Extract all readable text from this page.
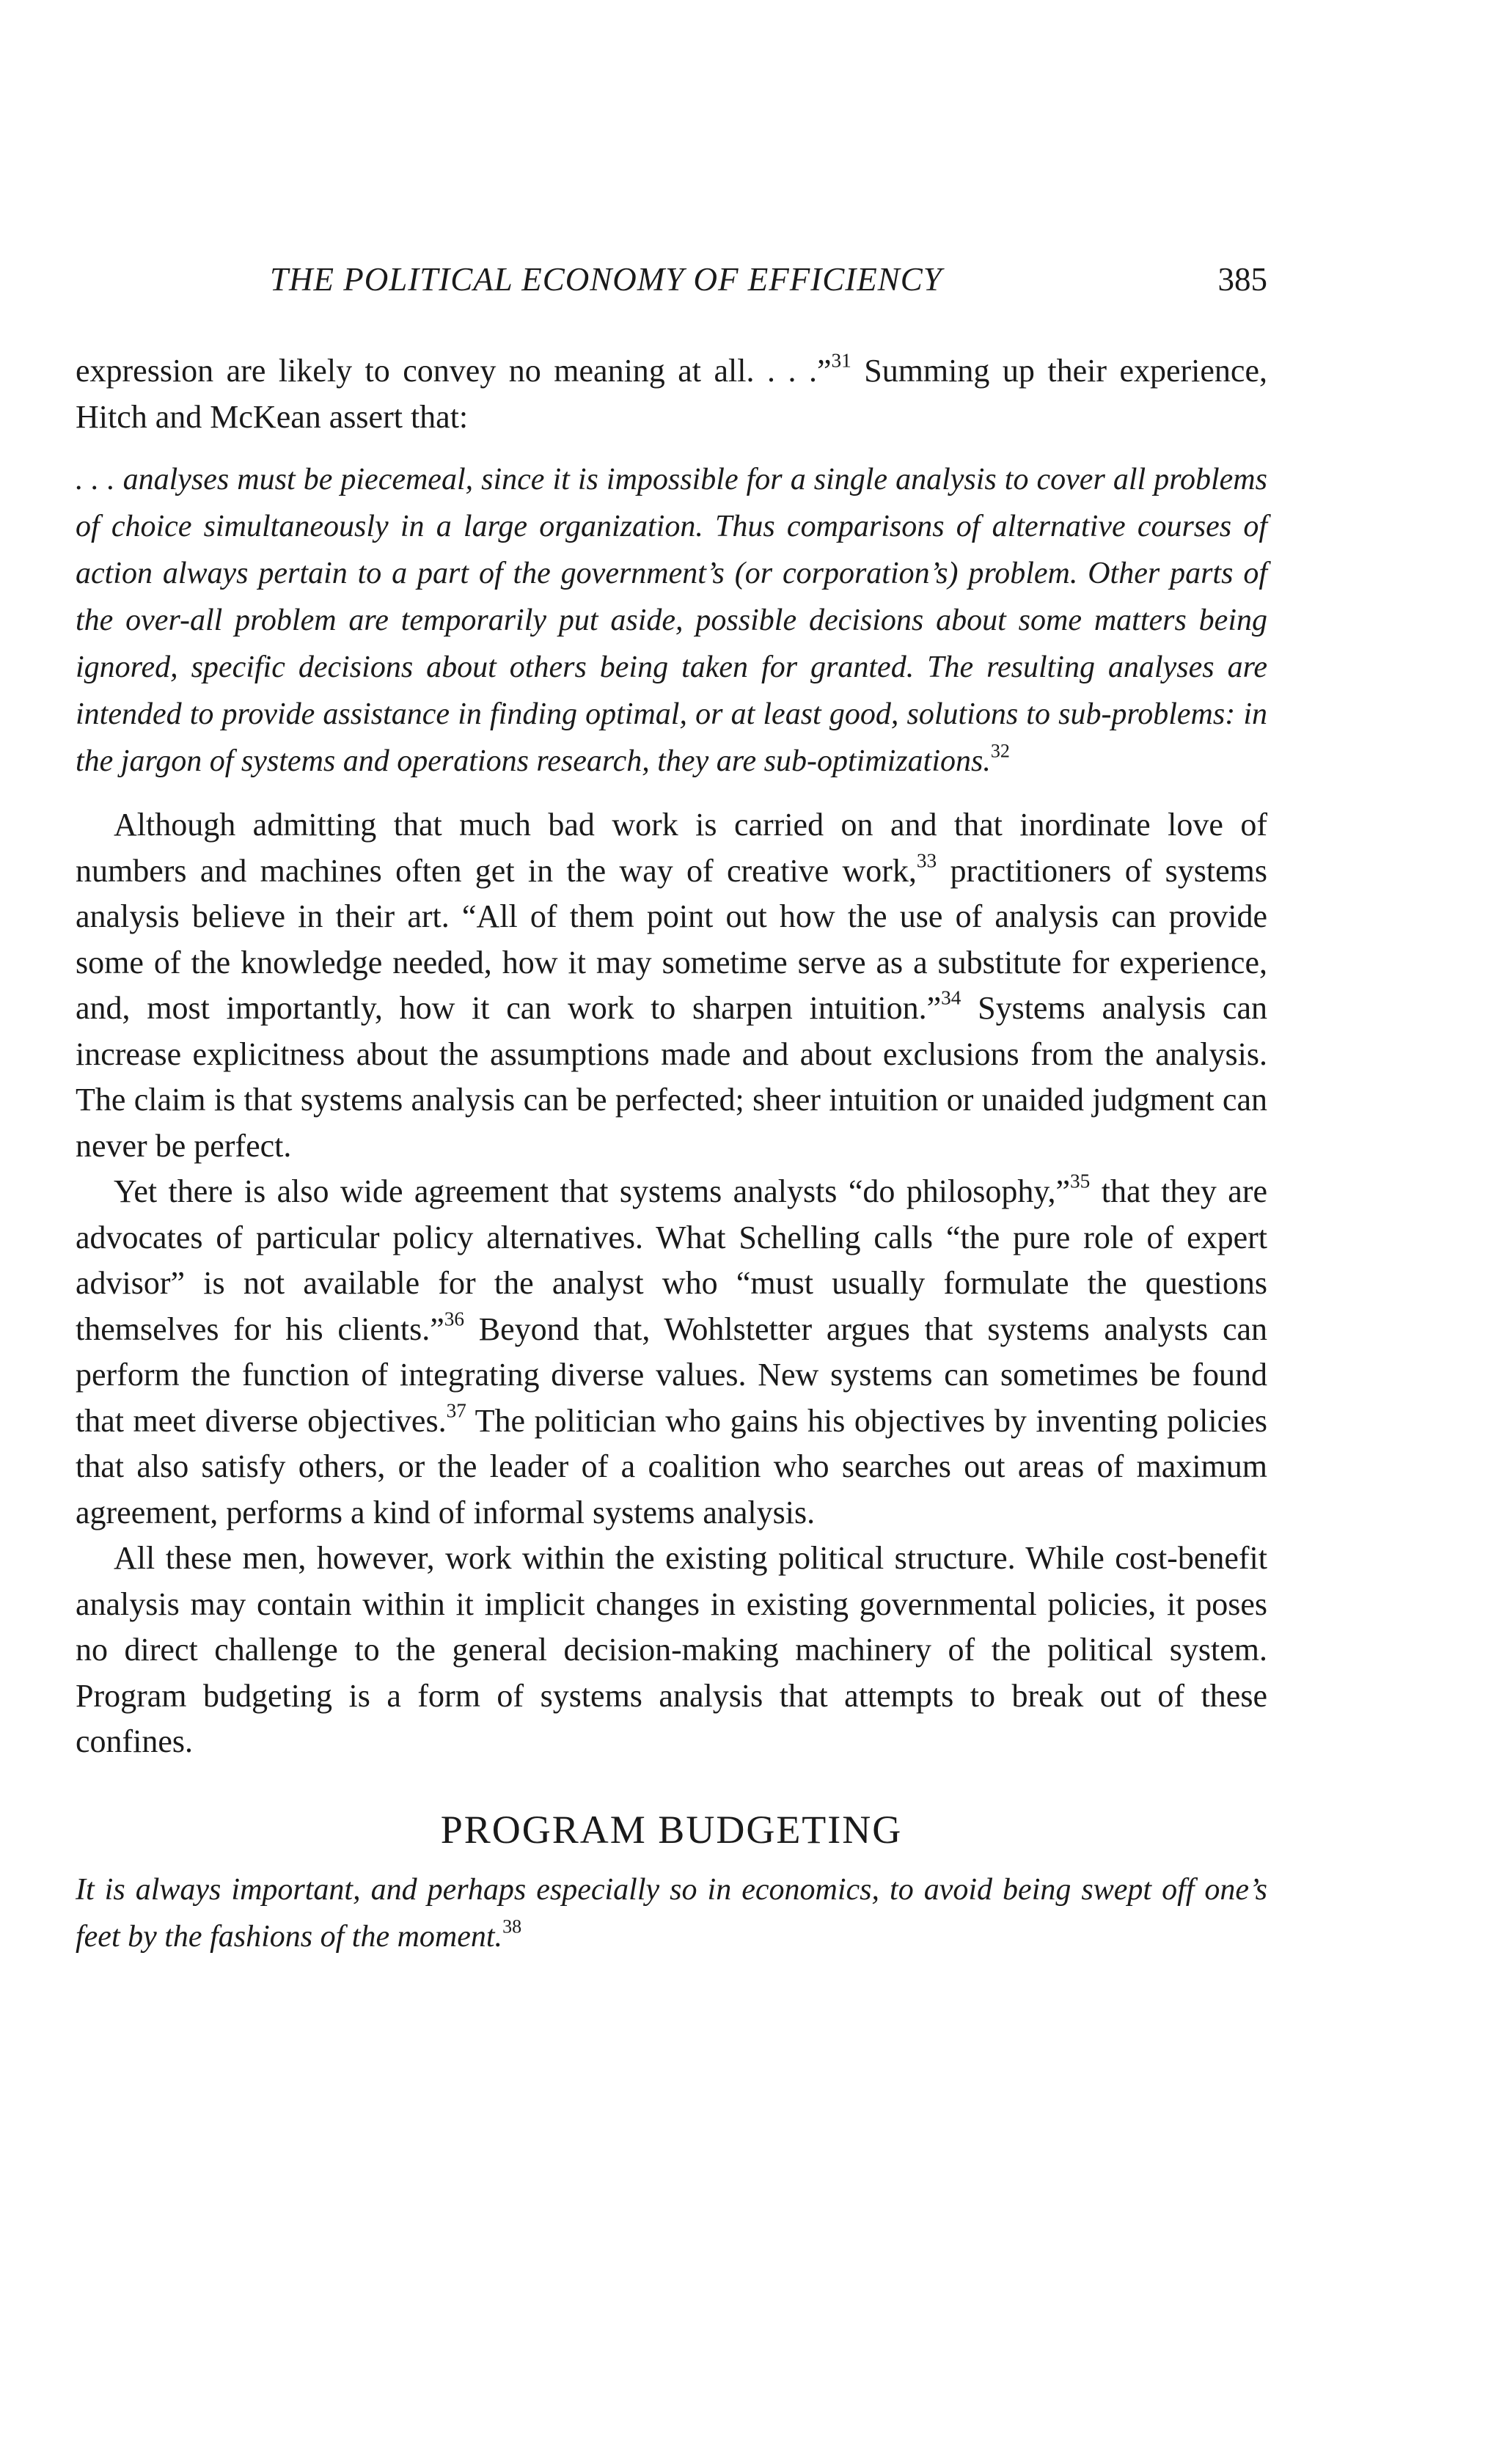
THE POLITICAL ECONOMY OF EFFICIENCY	385

expression are likely to convey no meaning at all. . . .”$^{31}$ Summing up their experience, Hitch and McKean assert that:

. . . analyses must be piecemeal, since it is impossible for a single analysis to cover all problems of choice simultaneously in a large organization. Thus comparisons of alternative courses of action always pertain to a part of the government’s (or corporation’s) problem. Other parts of the over-all problem are temporarily put aside, possible decisions about some matters being ignored, specific decisions about others being taken for granted. The resulting analyses are intended to provide assistance in finding optimal, or at least good, solutions to sub-problems: in the jargon of systems and operations research, they are sub-optimizations.$^{32}$

Although admitting that much bad work is carried on and that inordinate love of numbers and machines often get in the way of creative work,$^{33}$ practitioners of systems analysis believe in their art. “All of them point out how the use of analysis can provide some of the knowledge needed, how it may sometime serve as a substitute for experience, and, most importantly, how it can work to sharpen intuition.”$^{34}$ Systems analysis can increase explicitness about the assumptions made and about exclusions from the analysis. The claim is that systems analysis can be perfected; sheer intuition or unaided judgment can never be perfect.

Yet there is also wide agreement that systems analysts “do philosophy,”$^{35}$ that they are advocates of particular policy alternatives. What Schelling calls “the pure role of expert advisor” is not available for the analyst who “must usually formulate the questions themselves for his clients.”$^{36}$ Beyond that, Wohlstetter argues that systems analysts can perform the function of integrating diverse values. New systems can sometimes be found that meet diverse objectives.$^{37}$ The politician who gains his objectives by inventing policies that also satisfy others, or the leader of a coalition who searches out areas of maximum agreement, performs a kind of informal systems analysis.

All these men, however, work within the existing political structure. While cost-benefit analysis may contain within it implicit changes in existing governmental policies, it poses no direct challenge to the general decision-making machinery of the political system. Program budgeting is a form of systems analysis that attempts to break out of these confines.

PROGRAM BUDGETING

It is always important, and perhaps especially so in economics, to avoid being swept off one’s feet by the fashions of the moment.$^{38}$
